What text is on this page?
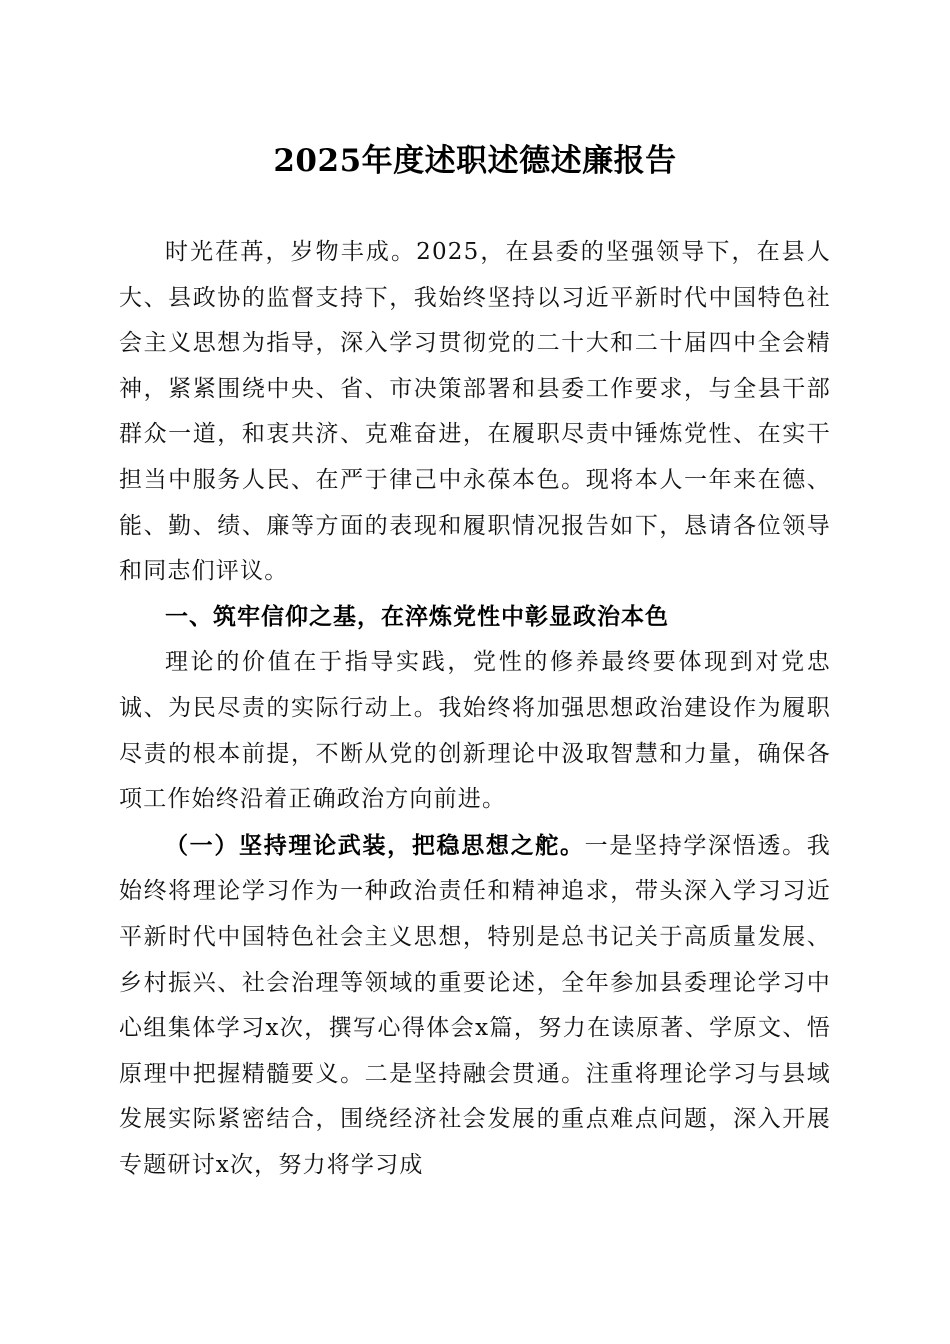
2025年度述职述德述廉报告

时光荏苒，岁物丰成。2025，在县委的坚强领导下，在县人大、县政协的监督支持下，我始终坚持以习近平新时代中国特色社会主义思想为指导，深入学习贯彻党的二十大和二十届四中全会精神，紧紧围绕中央、省、市决策部署和县委工作要求，与全县干部群众一道，和衷共济、克难奋进，在履职尽责中锤炼党性、在实干担当中服务人民、在严于律己中永葆本色。现将本人一年来在德、能、勤、绩、廉等方面的表现和履职情况报告如下，恳请各位领导和同志们评议。

一、筑牢信仰之基，在淬炼党性中彰显政治本色

理论的价值在于指导实践，党性的修养最终要体现到对党忠诚、为民尽责的实际行动上。我始终将加强思想政治建设作为履职尽责的根本前提，不断从党的创新理论中汲取智慧和力量，确保各项工作始终沿着正确政治方向前进。

（一）坚持理论武装，把稳思想之舵。一是坚持学深悟透。我始终将理论学习作为一种政治责任和精神追求，带头深入学习习近平新时代中国特色社会主义思想，特别是总书记关于高质量发展、乡村振兴、社会治理等领域的重要论述，全年参加县委理论学习中心组集体学习x次，撰写心得体会x篇，努力在读原著、学原文、悟原理中把握精髓要义。二是坚持融会贯通。注重将理论学习与县域发展实际紧密结合，围绕经济社会发展的重点难点问题，深入开展专题研讨x次，努力将学习成
